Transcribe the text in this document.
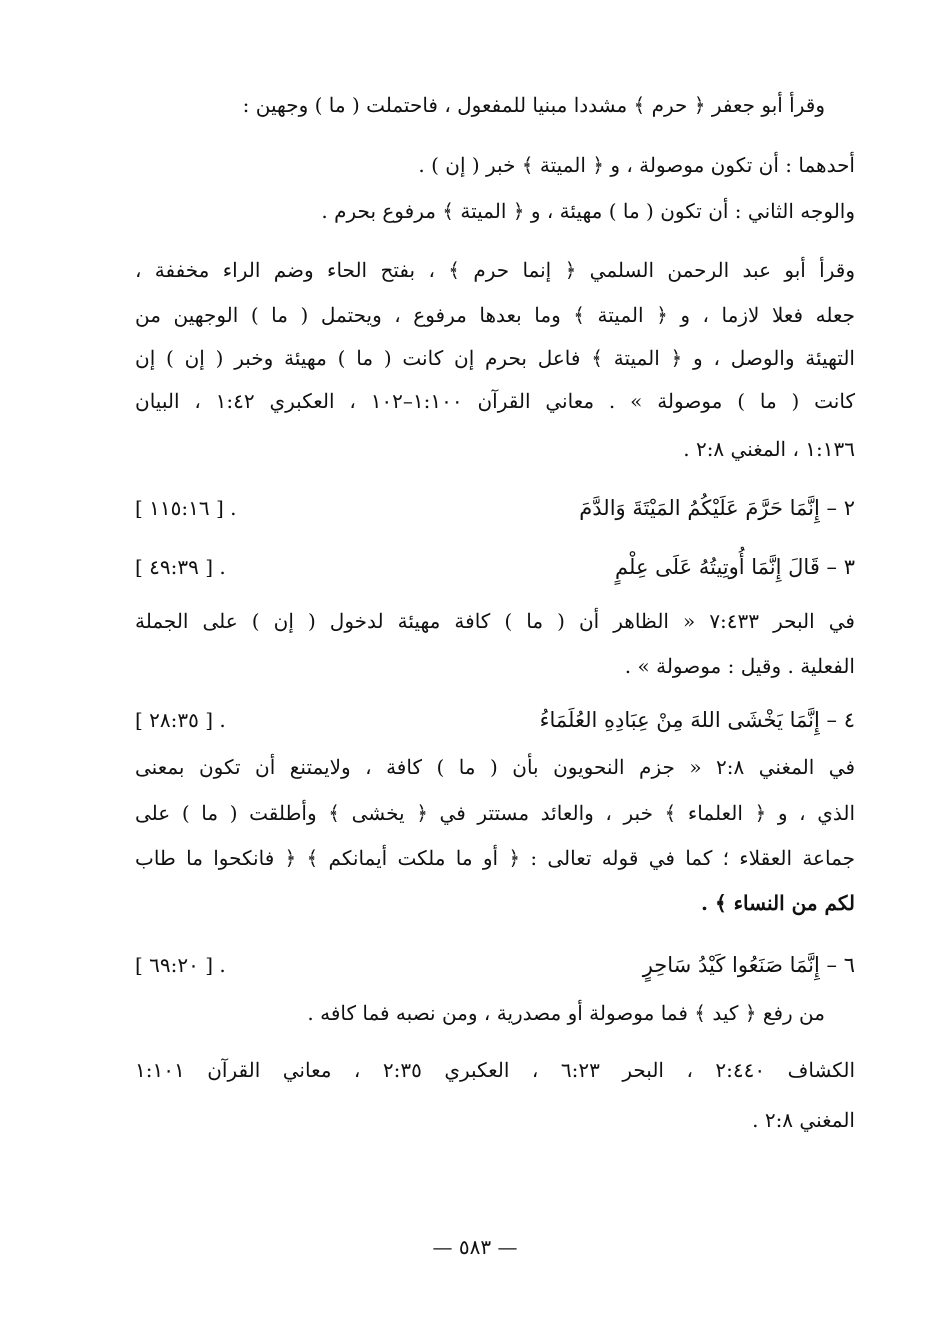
وقرأ أبو جعفر ﴿ حرم ﴾ مشددا مبنيا للمفعول ، فاحتملت ( ما ) وجهين :
أحدهما : أن تكون موصولة ، و ﴿ الميتة ﴾ خبر ( إن ) .
والوجه الثاني : أن تكون ( ما ) مهيئة ، و ﴿ الميتة ﴾ مرفوع بحرم .
وقرأ أبو عبد الرحمن السلمي ﴿ إنما حرم ﴾ ، بفتح الحاء وضم الراء مخففة ،
جعله فعلا لازما ، و ﴿ الميتة ﴾ وما بعدها مرفوع ، ويحتمل ( ما ) الوجهين من
التهيئة والوصل ، و ﴿ الميتة ﴾ فاعل بحرم إن كانت ( ما ) مهيئة وخبر ( إن ) إن
كانت ( ما ) موصولة » . معاني القرآن ١:١٠٠–١٠٢ ، العكبري ١:٤٢ ، البيان
١:١٣٦ ، المغني ٢:٨ .
٢ – إِنَّمَا حَرَّمَ عَلَيْكُمُ المَيْتَةَ وَالدَّمَ
[ ١١٥:١٦ ] .
٣ – قَالَ إِنَّمَا أُوتِيتُهُ عَلَى عِلْمٍ
[ ٤٩:٣٩ ] .
في البحر ٧:٤٣٣ « الظاهر أن ( ما ) كافة مهيئة لدخول ( إن ) على الجملة
الفعلية . وقيل : موصولة » .
٤ – إِنَّمَا يَخْشَى اللهَ مِنْ عِبَادِهِ العُلَمَاءُ
[ ٢٨:٣٥ ] .
في المغني ٢:٨ « جزم النحويون بأن ( ما ) كافة ، ولايمتنع أن تكون بمعنى
الذي ، و ﴿ العلماء ﴾ خبر ، والعائد مستتر في ﴿ يخشى ﴾ وأطلقت ( ما ) على
جماعة العقلاء ؛ كما في قوله تعالى : ﴿ أو ما ملكت أيمانكم ﴾ ﴿ فانكحوا ما طاب
لكم من النساء ﴾ .
٦ – إِنَّمَا صَنَعُوا كَيْدُ سَاحِرٍ
[ ٦٩:٢٠ ] .
من رفع ﴿ كيد ﴾ فما موصولة أو مصدرية ، ومن نصبه فما كافه .
الكشاف ٢:٤٤٠ ، البحر ٦:٢٣ ، العكبري ٢:٣٥ ، معاني القرآن ١:١٠١
المغني ٢:٨ .
— ٥٨٣ —
